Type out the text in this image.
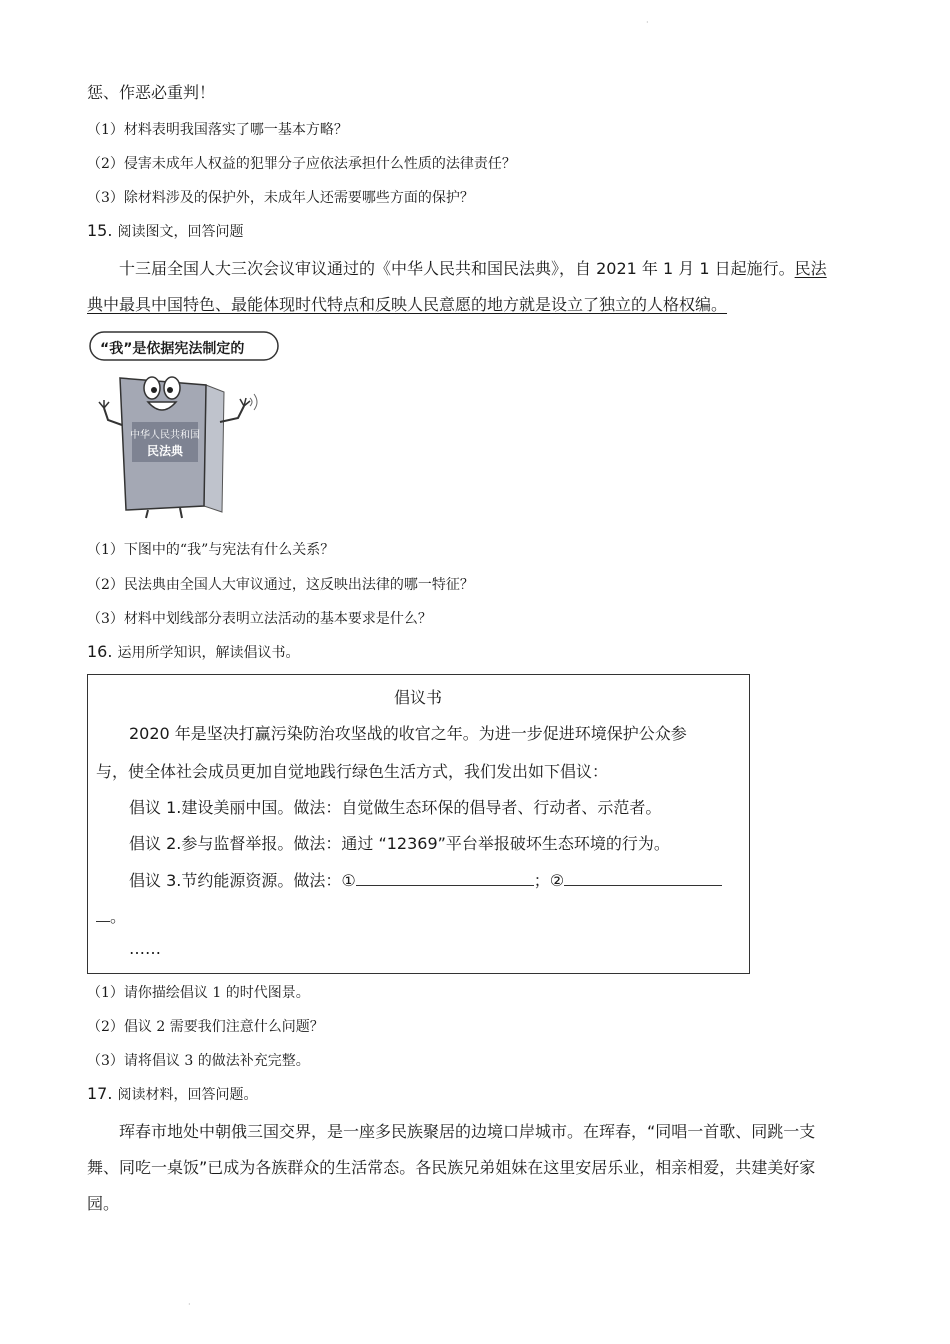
·
惩、作恶必重判！
（1）材料表明我国落实了哪一基本方略？
（2）侵害未成年人权益的犯罪分子应依法承担什么性质的法律责任？
（3）除材料涉及的保护外，未成年人还需要哪些方面的保护？
15. 阅读图文，回答问题
十三届全国人大三次会议审议通过的《中华人民共和国民法典》，自 2021 年 1 月 1 日起施行。民法
典中最具中国特色、最能体现时代特点和反映人民意愿的地方就是设立了独立的人格权编。
中华人民共和国
民法典
“我”是依据宪法制定的
（1）下图中的“我”与宪法有什么关系？
（2）民法典由全国人大审议通过，这反映出法律的哪一特征？
（3）材料中划线部分表明立法活动的基本要求是什么？
16. 运用所学知识，解读倡议书。
倡议书
2020 年是坚决打赢污染防治攻坚战的收官之年。为进一步促进环境保护公众参
与，使全体社会成员更加自觉地践行绿色生活方式，我们发出如下倡议：
倡议 1.建设美丽中国。做法：自觉做生态环保的倡导者、行动者、示范者。
倡议 2.参与监督举报。做法：通过 “12369”平台举报破坏生态环境的行为。
倡议 3.节约能源资源。做法：①	；②
。
……
（1）请你描绘倡议 1 的时代图景。
（2）倡议 2 需要我们注意什么问题？
（3）请将倡议 3 的做法补充完整。
17. 阅读材料，回答问题。
珲春市地处中朝俄三国交界，是一座多民族聚居的边境口岸城市。在珲春，“同唱一首歌、同跳一支
舞、同吃一桌饭”已成为各族群众的生活常态。各民族兄弟姐妹在这里安居乐业，相亲相爱，共建美好家
园。
·
